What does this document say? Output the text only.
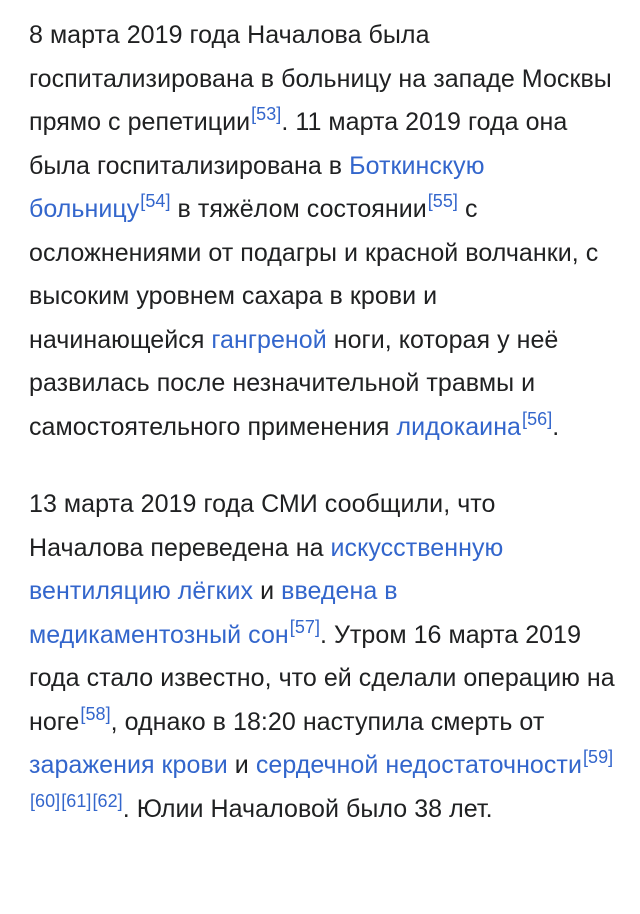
8 марта 2019 года Началова была госпитализирована в больницу на западе Москвы прямо с репетиции[53]. 11 марта 2019 года она была госпитализирована в Боткинскую больницу[54] в тяжёлом состоянии[55] с осложнениями от подагры и красной волчанки, с высоким уровнем сахара в крови и начинающейся гангреной ноги, которая у неё развилась после незначительной травмы и самостоятельного применения лидокаина[56].

13 марта 2019 года СМИ сообщили, что Началова переведена на искусственную вентиляцию лёгких и введена в медикаментозный сон[57]. Утром 16 марта 2019 года стало известно, что ей сделали операцию на ноге[58], однако в 18:20 наступила смерть от заражения крови и сердечной недостаточности[59][60][61][62]. Юлии Началовой было 38 лет.
